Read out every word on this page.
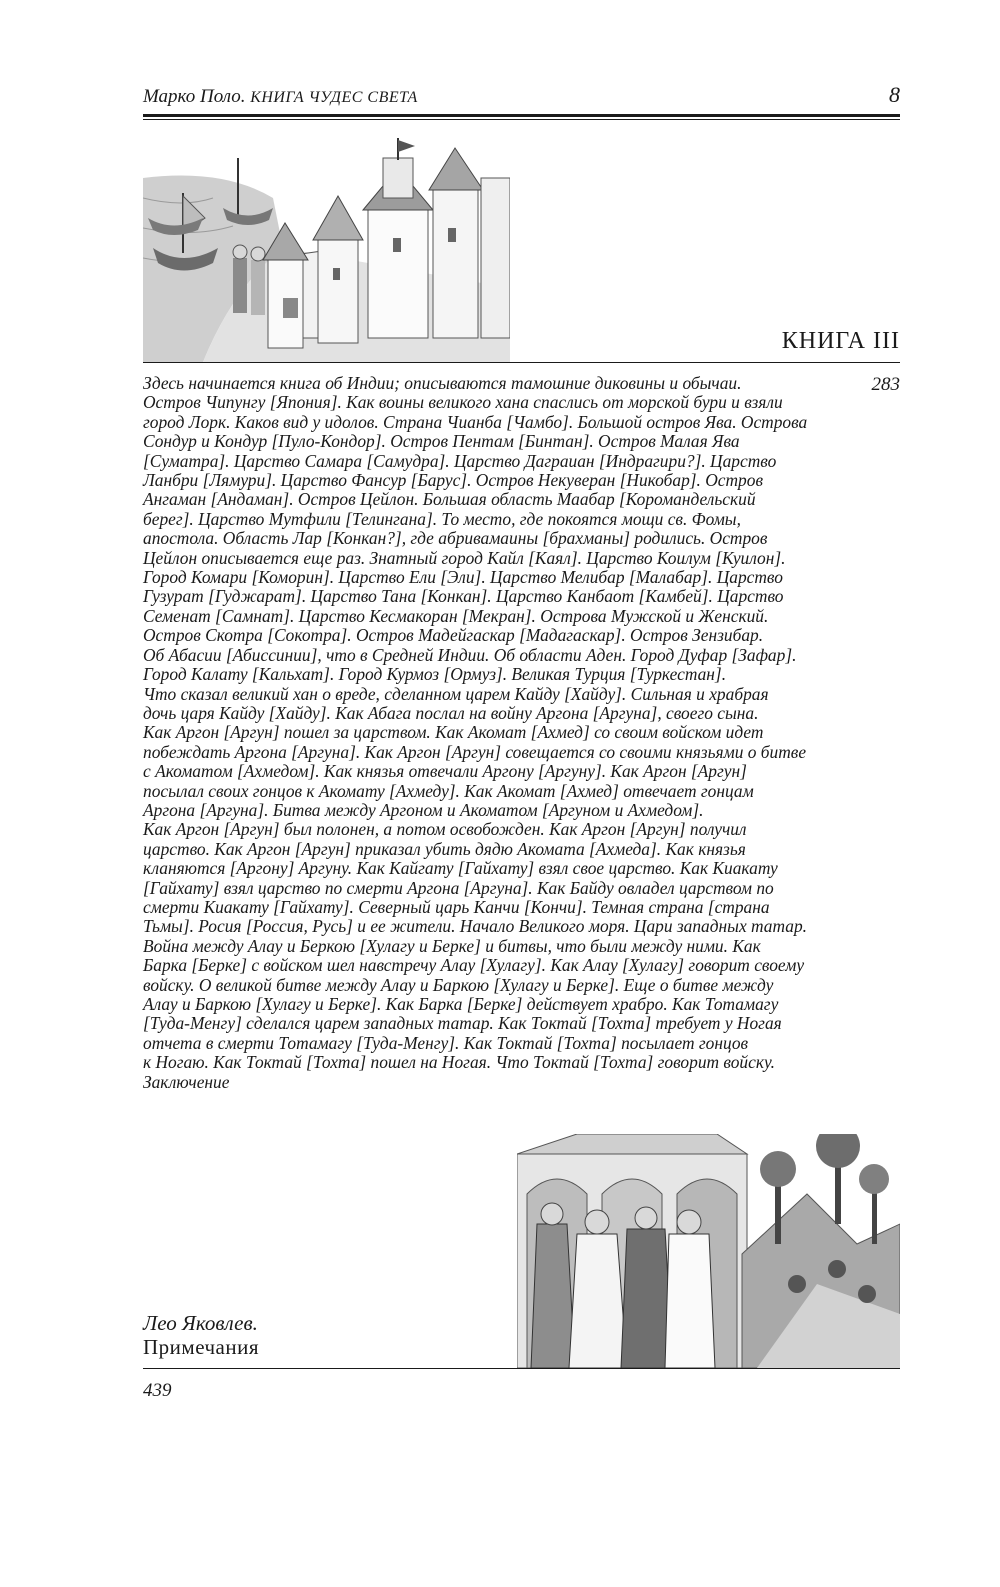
Марко Поло. КНИГА ЧУДЕС СВЕТА	8
КНИГА III
283
Здесь начинается книга об Индии; описываются тамошние диковины и обычаи.
Остров Чипунгу [Япония]. Как воины великого хана спаслись от морской бури и взяли
город Лорк. Каков вид у идолов. Страна Чианба [Чамбо]. Большой остров Ява. Острова
Сондур и Кондур [Пуло-Кондор]. Остров Пентам [Бинтан]. Остров Малая Ява
[Суматра]. Царство Самара [Самудра]. Царство Даграиан [Индрагири?]. Царство
Ланбри [Лямури]. Царство Фансур [Барус]. Остров Некуверан [Никобар]. Остров
Ангаман [Андаман]. Остров Цейлон. Большая область Маабар [Коромандельский
берег]. Царство Мутфили [Телингана]. То место, где покоятся мощи св. Фомы,
апостола. Область Лар [Конкан?], где абривамаины [брахманы] родились. Остров
Цейлон описывается еще раз. Знатный город Кайл [Каял]. Царство Коилум [Куилон].
Город Комари [Коморин]. Царство Ели [Эли]. Царство Мелибар [Малабар]. Царство
Гузурат [Гуджарат]. Царство Тана [Конкан]. Царство Канбаот [Камбей]. Царство
Семенат [Самнат]. Царство Кесмакоран [Мекран]. Острова Мужской и Женский.
Остров Скотра [Сокотра]. Остров Мадейгаскар [Мадагаскар]. Остров Зензибар.
Об Абасии [Абиссинии], что в Средней Индии. Об области Аден. Город Дуфар [Зафар].
Город Калату [Кальхат]. Город Курмоз [Ормуз]. Великая Турция [Туркестан].
Что сказал великий хан о вреде, сделанном царем Кайду [Хайду]. Сильная и храбрая
дочь царя Кайду [Хайду]. Как Абага послал на войну Аргона [Аргуна], своего сына.
Как Аргон [Аргун] пошел за царством. Как Акомат [Ахмед] со своим войском идет
побеждать Аргона [Аргуна]. Как Аргон [Аргун] совещается со своими князьями о битве
с Акоматом [Ахмедом]. Как князья отвечали Аргону [Аргуну]. Как Аргон [Аргун]
посылал своих гонцов к Акомату [Ахмеду]. Как Акомат [Ахмед] отвечает гонцам
Аргона [Аргуна]. Битва между Аргоном и Акоматом [Аргуном и Ахмедом].
Как Аргон [Аргун] был полонен, а потом освобожден. Как Аргон [Аргун] получил
царство. Как Аргон [Аргун] приказал убить дядю Акомата [Ахмеда]. Как князья
кланяются [Аргону] Аргуну. Как Кайгату [Гайхату] взял свое царство. Как Киакату
[Гайхату] взял царство по смерти Аргона [Аргуна]. Как Байду овладел царством по
смерти Киакату [Гайхату]. Северный царь Канчи [Кончи]. Темная страна [страна
Тьмы]. Росия [Россия, Русь] и ее жители. Начало Великого моря. Цари западных татар.
Война между Алау и Беркою [Хулагу и Берке] и битвы, что были между ними. Как
Барка [Берке] с войском шел навстречу Алау [Хулагу]. Как Алау [Хулагу] говорит своему
войску. О великой битве между Алау и Баркою [Хулагу и Берке]. Еще о битве между
Алау и Баркою [Хулагу и Берке]. Как Барка [Берке] действует храбро. Как Тотамагу
[Туда-Менгу] сделался царем западных татар. Как Токтай [Тохта] требует у Ногая
отчета в смерти Тотамагу [Туда-Менгу]. Как Токтай [Тохта] посылает гонцов
к Ногаю. Как Токтай [Тохта] пошел на Ногая. Что Токтай [Тохта] говорит войску.
Заключение
Лео Яковлев.
Примечания
439
